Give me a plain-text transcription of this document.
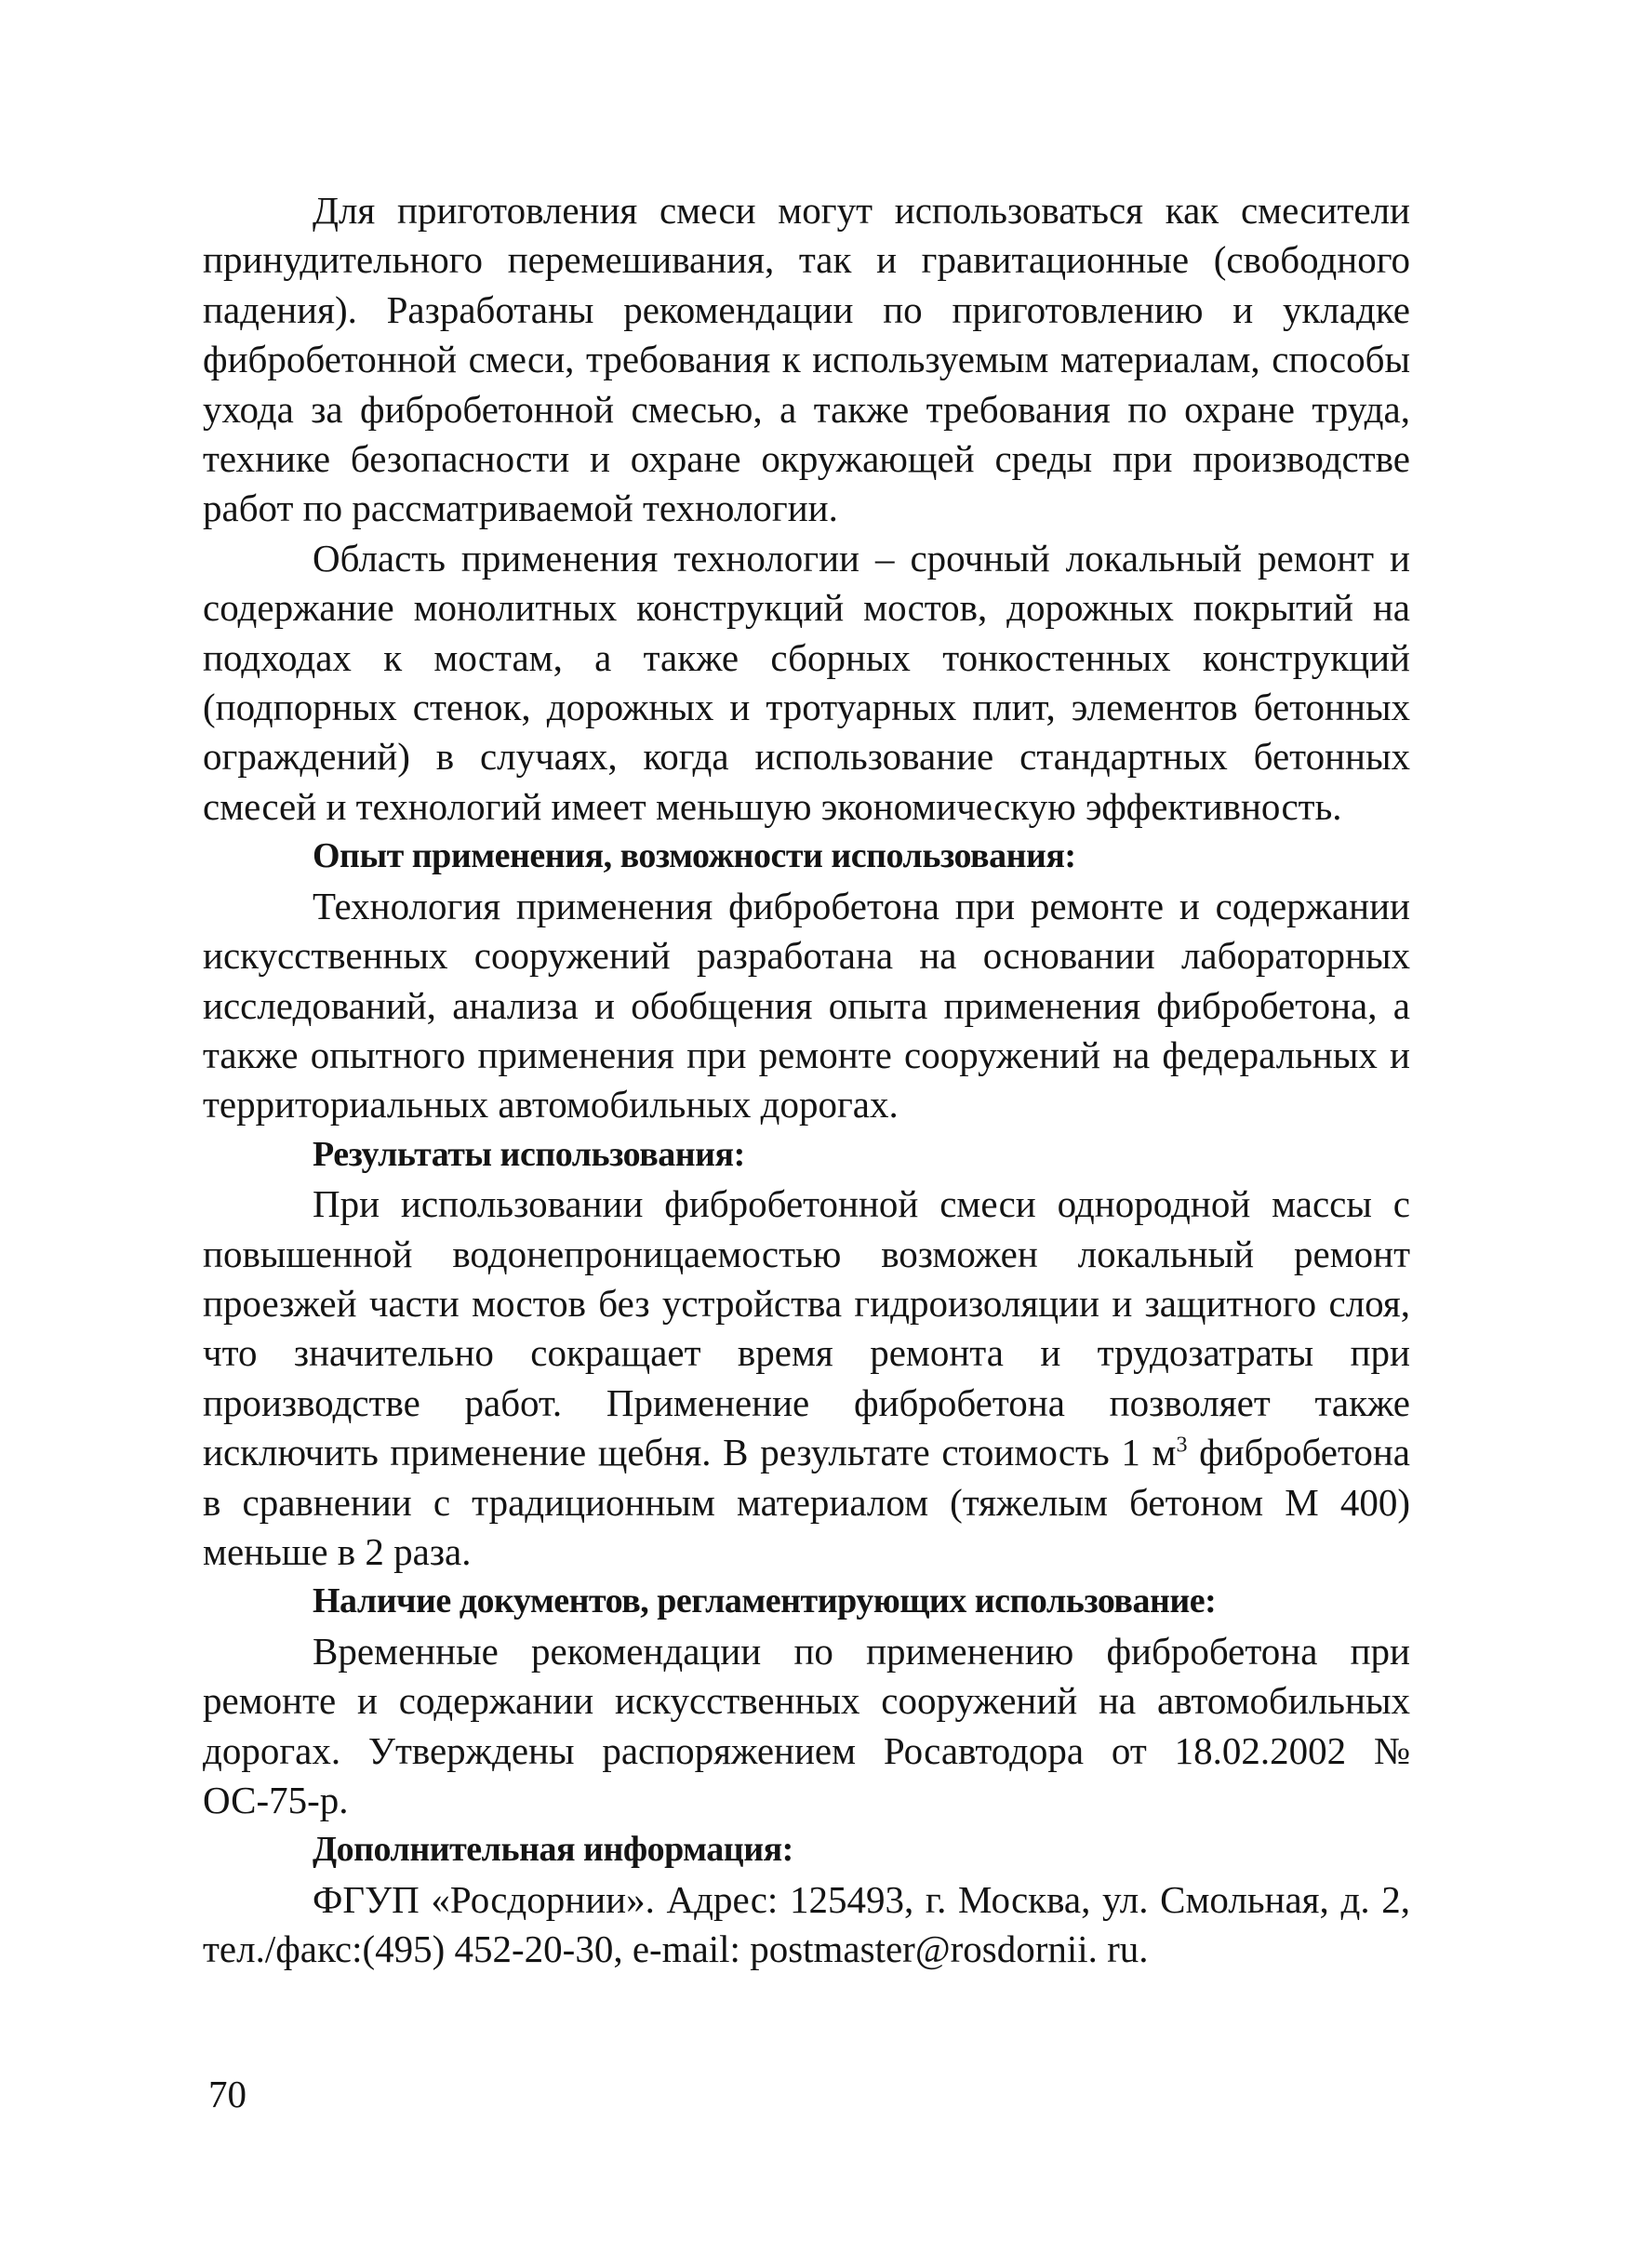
Для приготовления смеси могут использоваться как смесители принудительного перемешивания, так и гравитационные (свободного падения). Разработаны рекомендации по приготовлению и укладке фибробетонной смеси, требования к используемым материалам, способы ухода за фибробетонной смесью, а также требования по охране труда, технике безопасности и охране окружающей среды при производстве работ по рассматриваемой технологии.

Область применения технологии – срочный локальный ремонт и содержание монолитных конструкций мостов, дорожных покрытий на подходах к мостам, а также сборных тонкостенных конструкций (подпорных стенок, дорожных и тротуарных плит, элементов бетонных ограждений) в случаях, когда использование стандартных бетонных смесей и технологий имеет меньшую экономическую эффективность.

Опыт применения, возможности использования:

Технология применения фибробетона при ремонте и содержании искусственных сооружений разработана на основании лабораторных исследований, анализа и обобщения опыта применения фибробетона, а также опытного применения при ремонте сооружений на федеральных и территориальных автомобильных дорогах.

Результаты использования:

При использовании фибробетонной смеси однородной массы с повышенной водонепроницаемостью возможен локальный ремонт проезжей части мостов без устройства гидроизоляции и защитного слоя, что значительно сокращает время ремонта и трудозатраты при производстве работ. Применение фибробетона позволяет также исключить применение щебня. В результате стоимость 1 $м^3$ фибробетона в сравнении с традиционным материалом (тяжелым бетоном М 400) меньше в 2 раза.

Наличие документов, регламентирующих использование:

Временные рекомендации по применению фибробетона при ремонте и содержании искусственных сооружений на автомобильных дорогах. Утверждены распоряжением Росавтодора от 18.02.2002 № ОС-75-р.

Дополнительная информация:

ФГУП «Росдорнии». Адрес: 125493, г. Москва, ул. Смольная, д. 2, тел./факс:(495) 452-20-30, e-mail: postmaster@rosdornii. ru.

70
